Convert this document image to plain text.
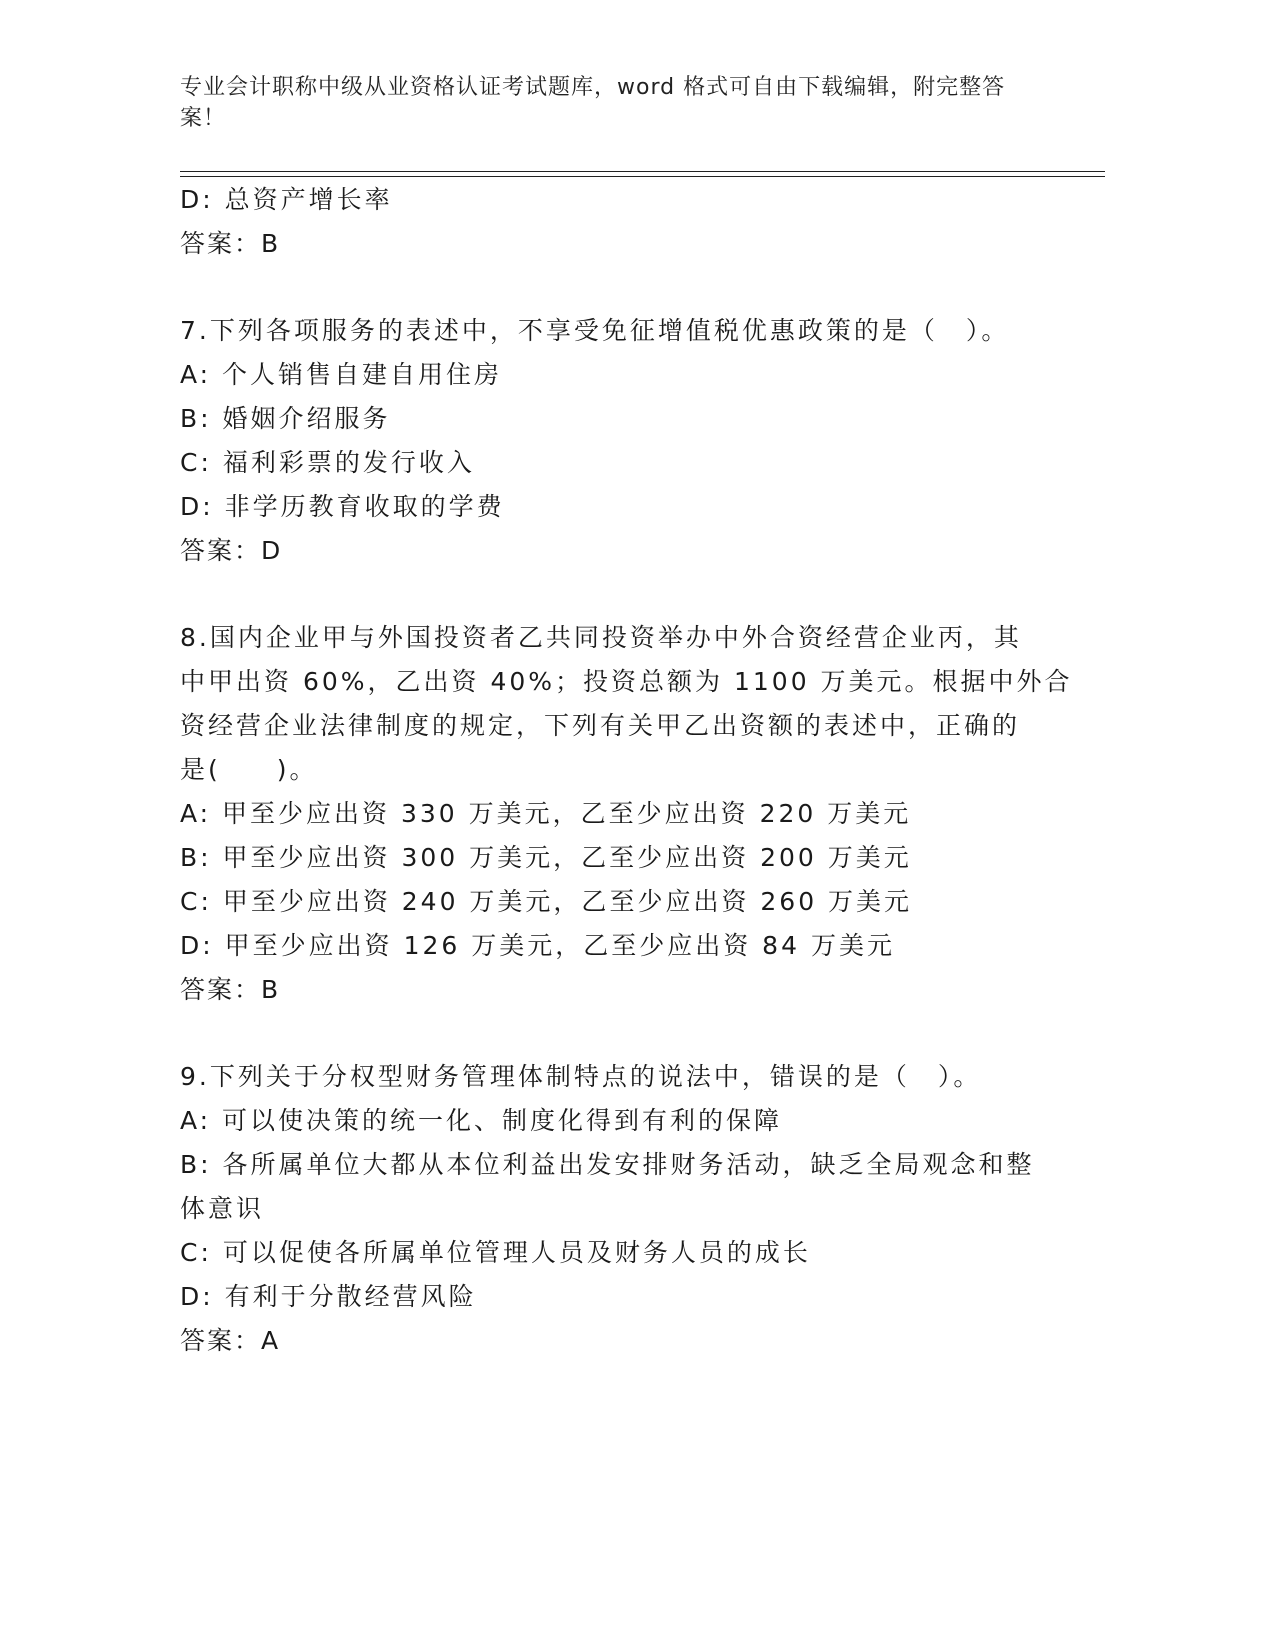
专业会计职称中级从业资格认证考试题库，word 格式可自由下载编辑，附完整答案！
D: 总资产增长率
答案：B
7.下列各项服务的表述中，不享受免征增值税优惠政策的是（　）。
A: 个人销售自建自用住房
B: 婚姻介绍服务
C: 福利彩票的发行收入
D: 非学历教育收取的学费
答案：D
8.国内企业甲与外国投资者乙共同投资举办中外合资经营企业丙，其
中甲出资 60%，乙出资 40%；投资总额为 1100 万美元。根据中外合
资经营企业法律制度的规定，下列有关甲乙出资额的表述中，正确的
是(　　)。
A: 甲至少应出资 330 万美元，乙至少应出资 220 万美元
B: 甲至少应出资 300 万美元，乙至少应出资 200 万美元
C: 甲至少应出资 240 万美元，乙至少应出资 260 万美元
D: 甲至少应出资 126 万美元，乙至少应出资 84 万美元
答案：B
9.下列关于分权型财务管理体制特点的说法中，错误的是（　）。
A: 可以使决策的统一化、制度化得到有利的保障
B: 各所属单位大都从本位利益出发安排财务活动，缺乏全局观念和整
体意识
C: 可以促使各所属单位管理人员及财务人员的成长
D: 有利于分散经营风险
答案：A
